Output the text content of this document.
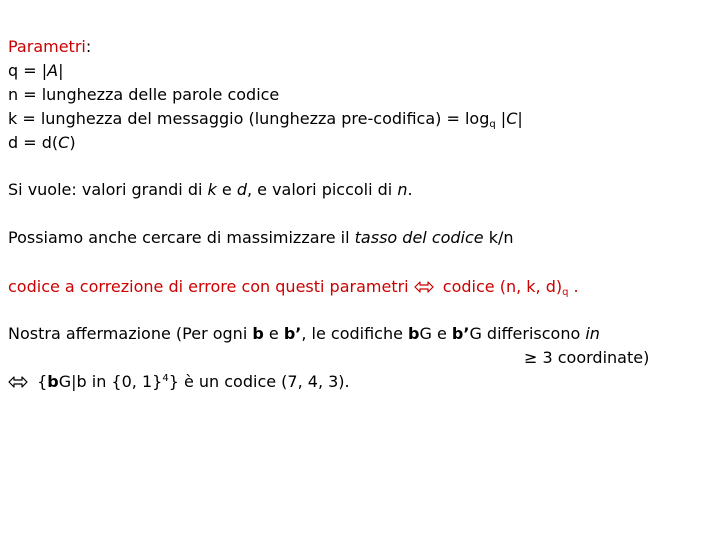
Parametri:
q = |A|
n = lunghezza delle parole codice
k = lunghezza del messaggio (lunghezza pre-codifica) = $\log_q |C|$
d = d(C)
Si vuole: valori grandi di k e d, e valori piccoli di n.
Possiamo anche cercare di massimizzare il tasso del codice k/n
codice a correzione di errore con questi parametri  codice (n, k, $d)_q$ .
Nostra affermazione (Per ogni b e b’, le codifiche bG e b’G differiscono in
≥ 3 coordinate)
{bG|b in {0, 1}$^4$} è un codice (7, 4, 3).
